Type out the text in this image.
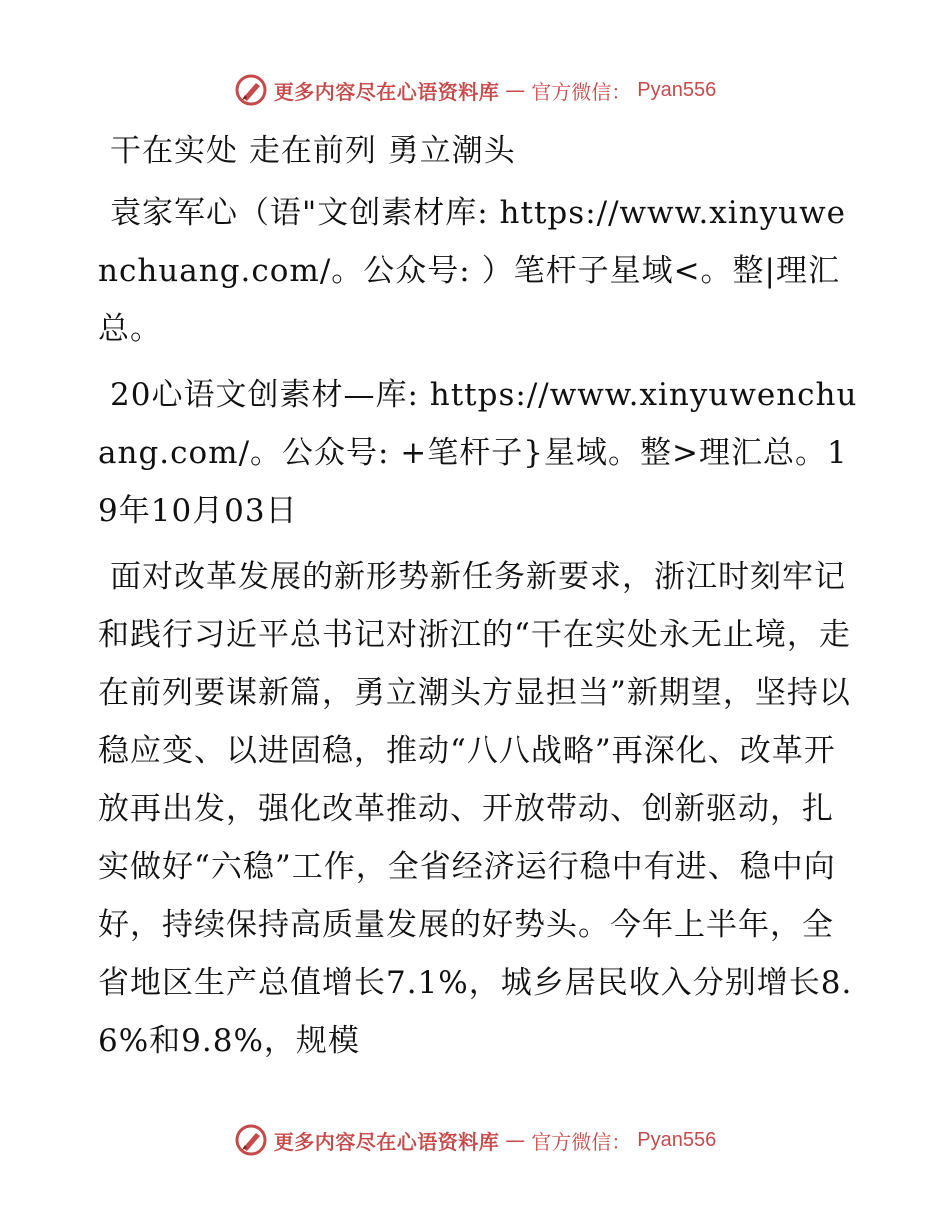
更多内容尽在心语资料库 — 官方微信： Pyan556

干在实处 走在前列 勇立潮头

袁家军心（语"文创素材库: https://www.xinyuwenchuang.com/。公众号: ）笔杆子星域<。整|理汇总。

20心语文创素材—库: https://www.xinyuwenchuang.com/。公众号: +笔杆子}星域。整>理汇总。19年10月03日

面对改革发展的新形势新任务新要求，浙江时刻牢记和践行习近平总书记对浙江的“干在实处永无止境，走在前列要谋新篇，勇立潮头方显担当”新期望，坚持以稳应变、以进固稳，推动“八八战略”再深化、改革开放再出发，强化改革推动、开放带动、创新驱动，扎实做好“六稳”工作，全省经济运行稳中有进、稳中向好，持续保持高质量发展的好势头。今年上半年，全省地区生产总值增长7.1%，城乡居民收入分别增长8.6%和9.8%，规模

更多内容尽在心语资料库 — 官方微信： Pyan556
